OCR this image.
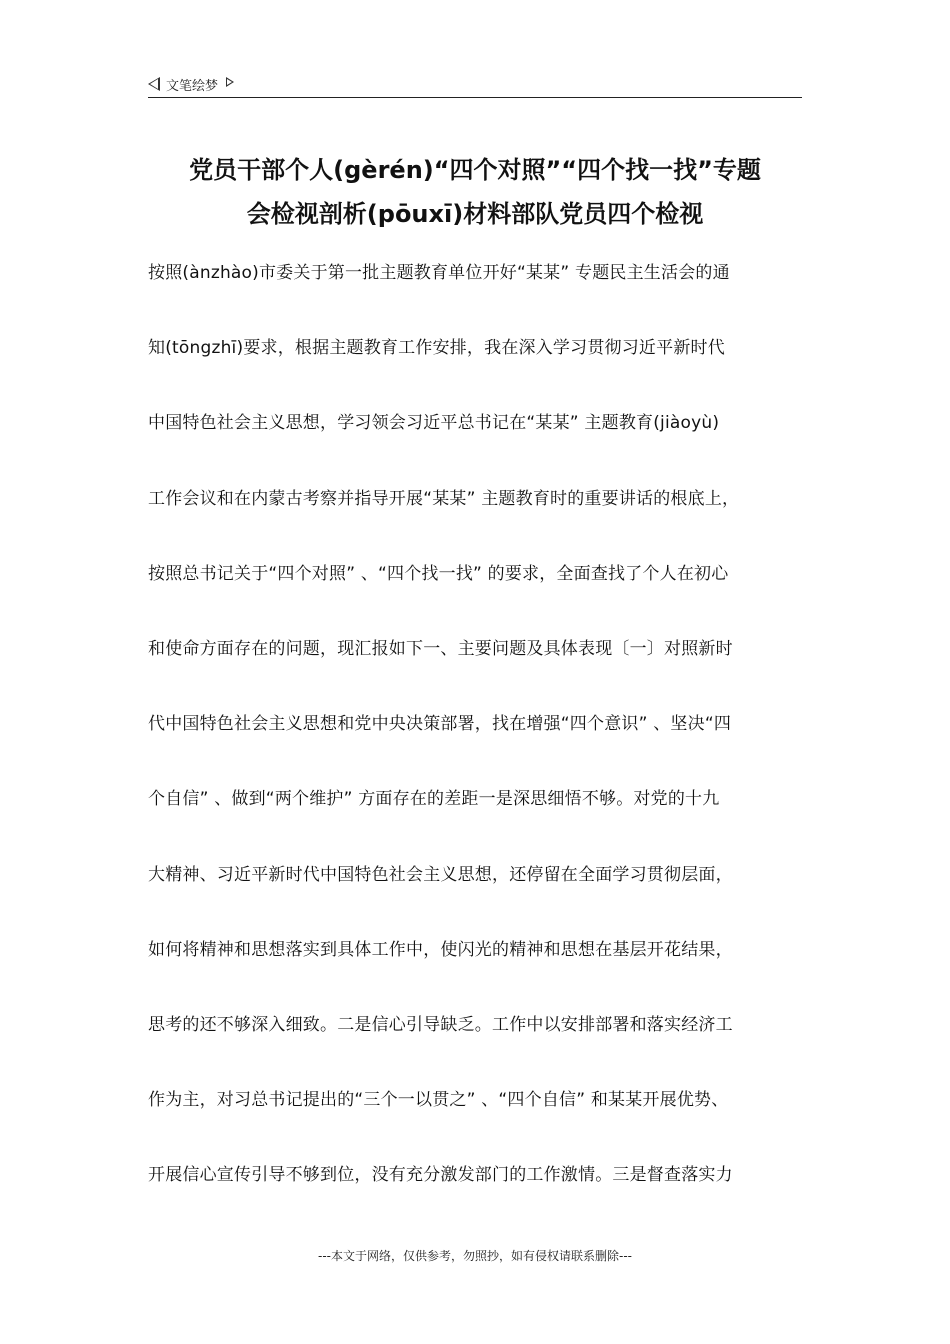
文笔绘梦
党员干部个人(gèrén)“四个对照”“四个找一找”专题
会检视剖析(pōuxī)材料部队党员四个检视
按照(ànzhào)市委关于第一批主题教育单位开好“某某” 专题民主生活会的通
知(tōngzhī)要求，根据主题教育工作安排，我在深入学习贯彻习近平新时代
中国特色社会主义思想，学习领会习近平总书记在“某某” 主题教育(jiàoyù)
工作会议和在内蒙古考察并指导开展“某某” 主题教育时的重要讲话的根底上，
按照总书记关于“四个对照” 、“四个找一找” 的要求，全面查找了个人在初心
和使命方面存在的问题，现汇报如下一、主要问题及具体表现〔一〕对照新时
代中国特色社会主义思想和党中央决策部署，找在增强“四个意识” 、坚决“四
个自信” 、做到“两个维护” 方面存在的差距一是深思细悟不够。对党的十九
大精神、习近平新时代中国特色社会主义思想，还停留在全面学习贯彻层面，
如何将精神和思想落实到具体工作中，使闪光的精神和思想在基层开花结果，
思考的还不够深入细致。二是信心引导缺乏。工作中以安排部署和落实经济工
作为主，对习总书记提出的“三个一以贯之” 、“四个自信” 和某某开展优势、
开展信心宣传引导不够到位，没有充分激发部门的工作激情。三是督查落实力
---本文于网络，仅供参考，勿照抄，如有侵权请联系删除---
